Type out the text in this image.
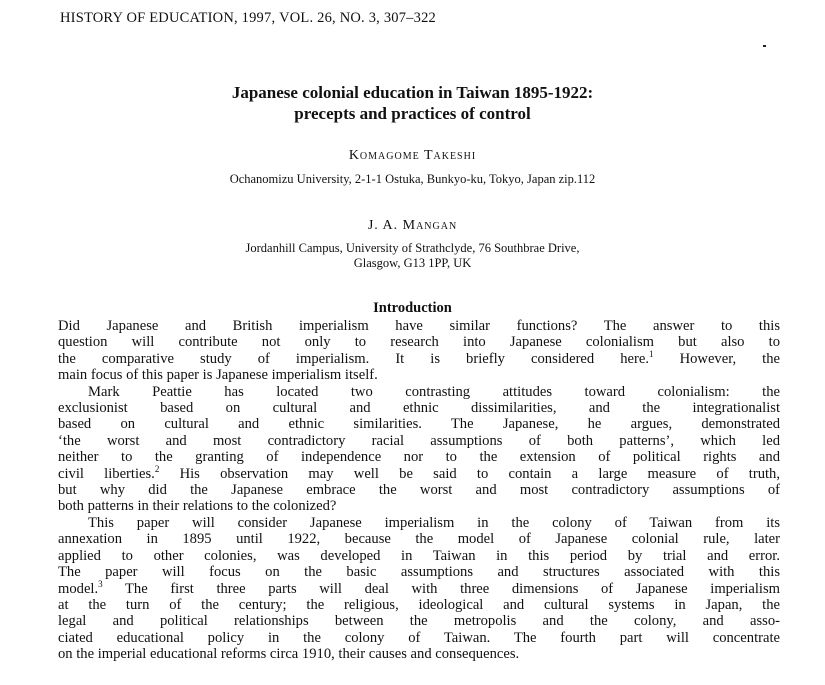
HISTORY OF EDUCATION, 1997, VOL. 26, NO. 3, 307–322
Japanese colonial education in Taiwan 1895-1922:
precepts and practices of control
Komagome Takeshi
Ochanomizu University, 2-1-1 Ostuka, Bunkyo-ku, Tokyo, Japan zip.112
J. A. Mangan
Jordanhill Campus, University of Strathclyde, 76 Southbrae Drive,
Glasgow, G13 1PP, UK
Introduction
Did Japanese and British imperialism have similar functions? The answer to this
question will contribute not only to research into Japanese colonialism but also to
the comparative study of imperialism. It is briefly considered here.$^1$ However, the
main focus of this paper is Japanese imperialism itself.
Mark Peattie has located two contrasting attitudes toward colonialism: the
exclusionist based on cultural and ethnic dissimilarities, and the integrationalist
based on cultural and ethnic similarities. The Japanese, he argues, demonstrated
‘the worst and most contradictory racial assumptions of both patterns’, which led
neither to the granting of independence nor to the extension of political rights and
civil liberties.$^2$ His observation may well be said to contain a large measure of truth,
but why did the Japanese embrace the worst and most contradictory assumptions of
both patterns in their relations to the colonized?
This paper will consider Japanese imperialism in the colony of Taiwan from its
annexation in 1895 until 1922, because the model of Japanese colonial rule, later
applied to other colonies, was developed in Taiwan in this period by trial and error.
The paper will focus on the basic assumptions and structures associated with this
model.$^3$ The first three parts will deal with three dimensions of Japanese imperialism
at the turn of the century; the religious, ideological and cultural systems in Japan, the
legal and political relationships between the metropolis and the colony, and asso-
ciated educational policy in the colony of Taiwan. The fourth part will concentrate
on the imperial educational reforms circa 1910, their causes and consequences.
